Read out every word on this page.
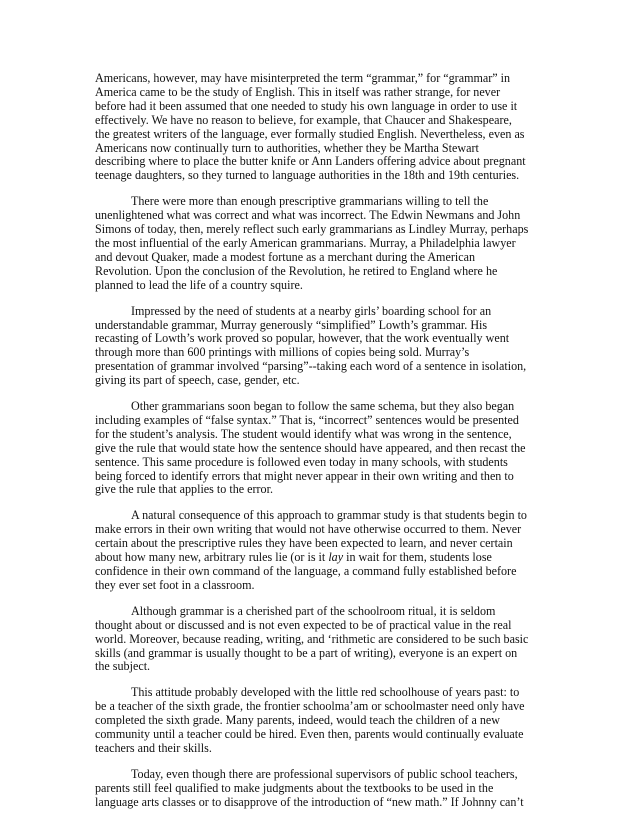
Americans, however, may have misinterpreted the term “grammar,” for “grammar” in
America came to be the study of English. This in itself was rather strange, for never
before had it been assumed that one needed to study his own language in order to use it
effectively. We have no reason to believe, for example, that Chaucer and Shakespeare,
the greatest writers of the language, ever formally studied English. Nevertheless, even as
Americans now continually turn to authorities, whether they be Martha Stewart
describing where to place the butter knife or Ann Landers offering advice about pregnant
teenage daughters, so they turned to language authorities in the 18th and 19th centuries.
There were more than enough prescriptive grammarians willing to tell the
unenlightened what was correct and what was incorrect. The Edwin Newmans and John
Simons of today, then, merely reflect such early grammarians as Lindley Murray, perhaps
the most influential of the early American grammarians. Murray, a Philadelphia lawyer
and devout Quaker, made a modest fortune as a merchant during the American
Revolution. Upon the conclusion of the Revolution, he retired to England where he
planned to lead the life of a country squire.
Impressed by the need of students at a nearby girls’ boarding school for an
understandable grammar, Murray generously “simplified” Lowth’s grammar. His
recasting of Lowth’s work proved so popular, however, that the work eventually went
through more than 600 printings with millions of copies being sold. Murray’s
presentation of grammar involved “parsing”--taking each word of a sentence in isolation,
giving its part of speech, case, gender, etc.
Other grammarians soon began to follow the same schema, but they also began
including examples of “false syntax.” That is, “incorrect” sentences would be presented
for the student’s analysis. The student would identify what was wrong in the sentence,
give the rule that would state how the sentence should have appeared, and then recast the
sentence. This same procedure is followed even today in many schools, with students
being forced to identify errors that might never appear in their own writing and then to
give the rule that applies to the error.
A natural consequence of this approach to grammar study is that students begin to
make errors in their own writing that would not have otherwise occurred to them. Never
certain about the prescriptive rules they have been expected to learn, and never certain
about how many new, arbitrary rules lie (or is it lay in wait for them, students lose
confidence in their own command of the language, a command fully established before
they ever set foot in a classroom.
Although grammar is a cherished part of the schoolroom ritual, it is seldom
thought about or discussed and is not even expected to be of practical value in the real
world. Moreover, because reading, writing, and ‘rithmetic are considered to be such basic
skills (and grammar is usually thought to be a part of writing), everyone is an expert on
the subject.
This attitude probably developed with the little red schoolhouse of years past: to
be a teacher of the sixth grade, the frontier schoolma’am or schoolmaster need only have
completed the sixth grade. Many parents, indeed, would teach the children of a new
community until a teacher could be hired. Even then, parents would continually evaluate
teachers and their skills.
Today, even though there are professional supervisors of public school teachers,
parents still feel qualified to make judgments about the textbooks to be used in the
language arts classes or to disapprove of the introduction of “new math.” If Johnny can’t
